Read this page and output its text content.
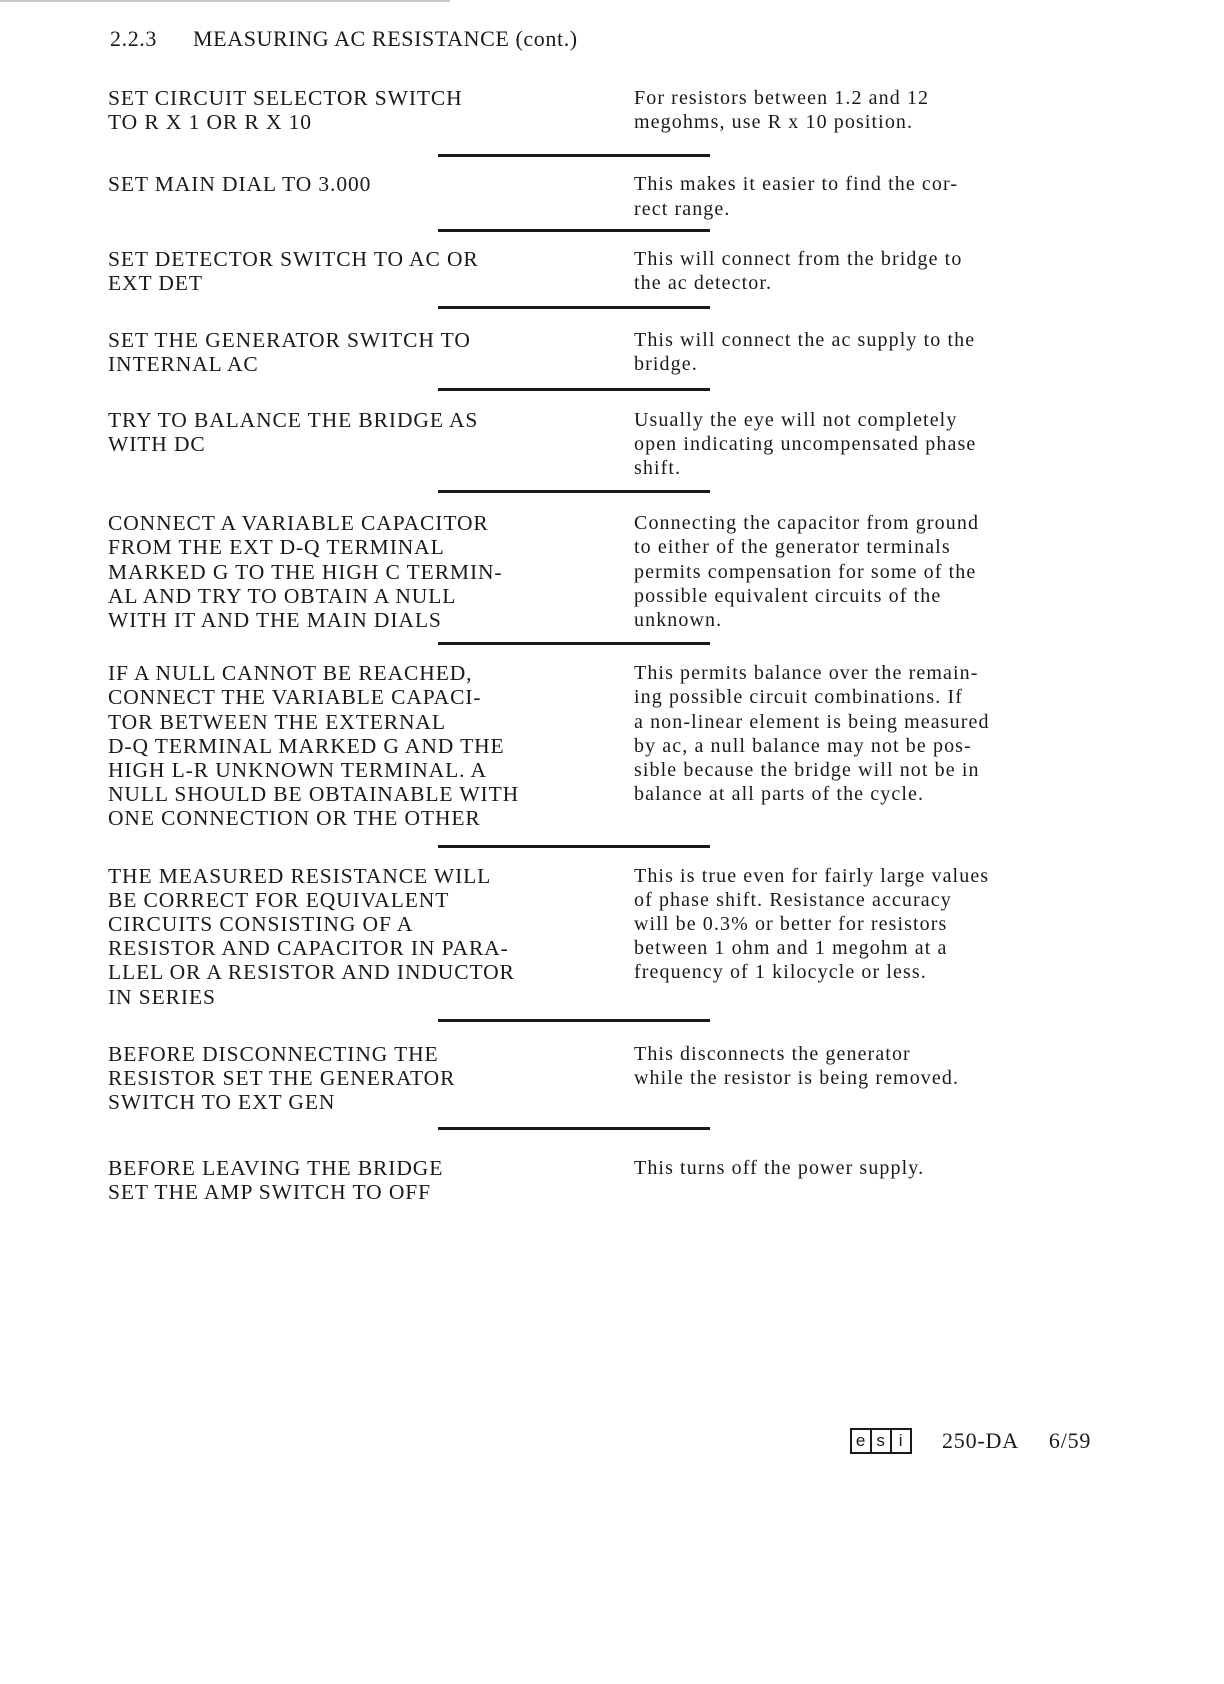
2.2.3 MEASURING AC RESISTANCE (cont.)
SET CIRCUIT SELECTOR SWITCH
TO R X 1 OR R X 10
For resistors between 1.2 and 12
megohms, use R x 10 position.
SET MAIN DIAL TO 3.000	This makes it easier to find the cor-
rect range.
SET DETECTOR SWITCH TO AC OR
EXT DET
This will connect from the bridge to
the ac detector.
SET THE GENERATOR SWITCH TO
INTERNAL AC
This will connect the ac supply to the
bridge.
TRY TO BALANCE THE BRIDGE AS
WITH DC
Usually the eye will not completely
open indicating uncompensated phase
shift.
CONNECT A VARIABLE CAPACITOR
FROM THE EXT D-Q TERMINAL
MARKED G TO THE HIGH C TERMIN-
AL AND TRY TO OBTAIN A NULL
WITH IT AND THE MAIN DIALS
Connecting the capacitor from ground
to either of the generator terminals
permits compensation for some of the
possible equivalent circuits of the
unknown.
IF A NULL CANNOT BE REACHED,
CONNECT THE VARIABLE CAPACI-
TOR BETWEEN THE EXTERNAL
D-Q TERMINAL MARKED G AND THE
HIGH L-R UNKNOWN TERMINAL. A
NULL SHOULD BE OBTAINABLE WITH
ONE CONNECTION OR THE OTHER
This permits balance over the remain-
ing possible circuit combinations. If
a non-linear element is being measured
by ac, a null balance may not be pos-
sible because the bridge will not be in
balance at all parts of the cycle.
THE MEASURED RESISTANCE WILL
BE CORRECT FOR EQUIVALENT
CIRCUITS CONSISTING OF A
RESISTOR AND CAPACITOR IN PARA-
LLEL OR A RESISTOR AND INDUCTOR
IN SERIES
This is true even for fairly large values
of phase shift. Resistance accuracy
will be 0.3% or better for resistors
between 1 ohm and 1 megohm at a
frequency of 1 kilocycle or less.
BEFORE DISCONNECTING THE
RESISTOR SET THE GENERATOR
SWITCH TO EXT GEN
This disconnects the generator
while the resistor is being removed.
BEFORE LEAVING THE BRIDGE
SET THE AMP SWITCH TO OFF
This turns off the power supply.
e s i	250-DA 6/59
